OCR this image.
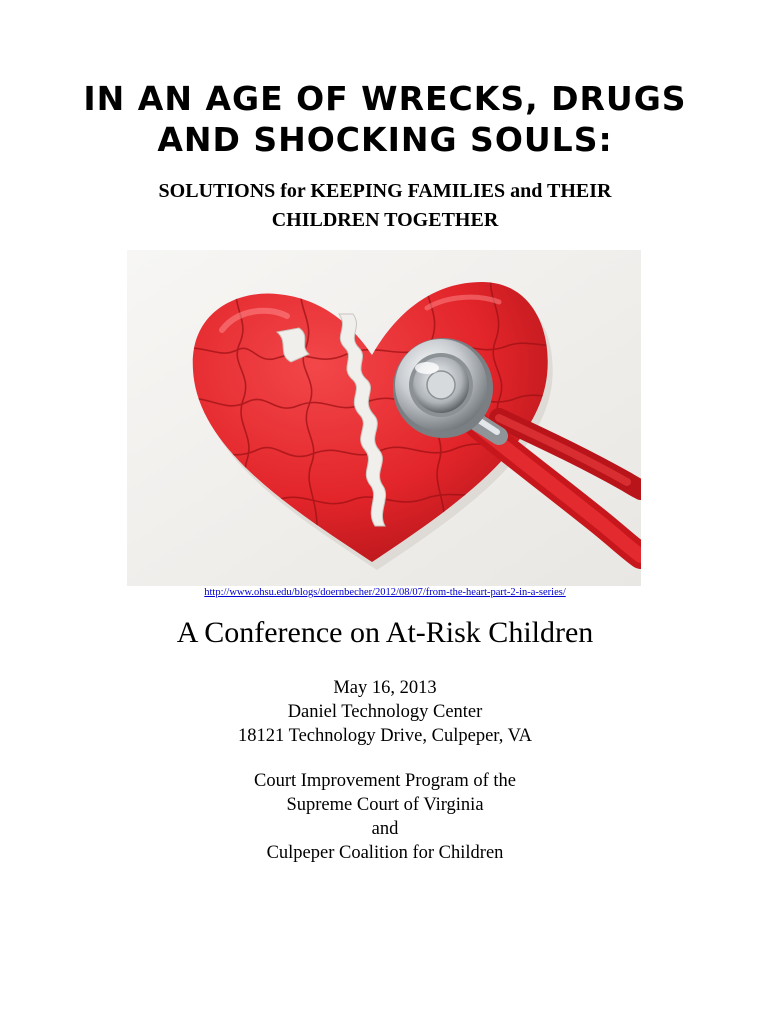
IN AN AGE OF WRECKS, DRUGS
AND SHOCKING SOULS:
SOLUTIONS for KEEPING FAMILIES and THEIR
CHILDREN TOGETHER
http://www.ohsu.edu/blogs/doernbecher/2012/08/07/from-the-heart-part-2-in-a-series/
A Conference on At-Risk Children
May 16, 2013
Daniel Technology Center
18121 Technology Drive, Culpeper, VA
Court Improvement Program of the
Supreme Court of Virginia
and
Culpeper Coalition for Children
